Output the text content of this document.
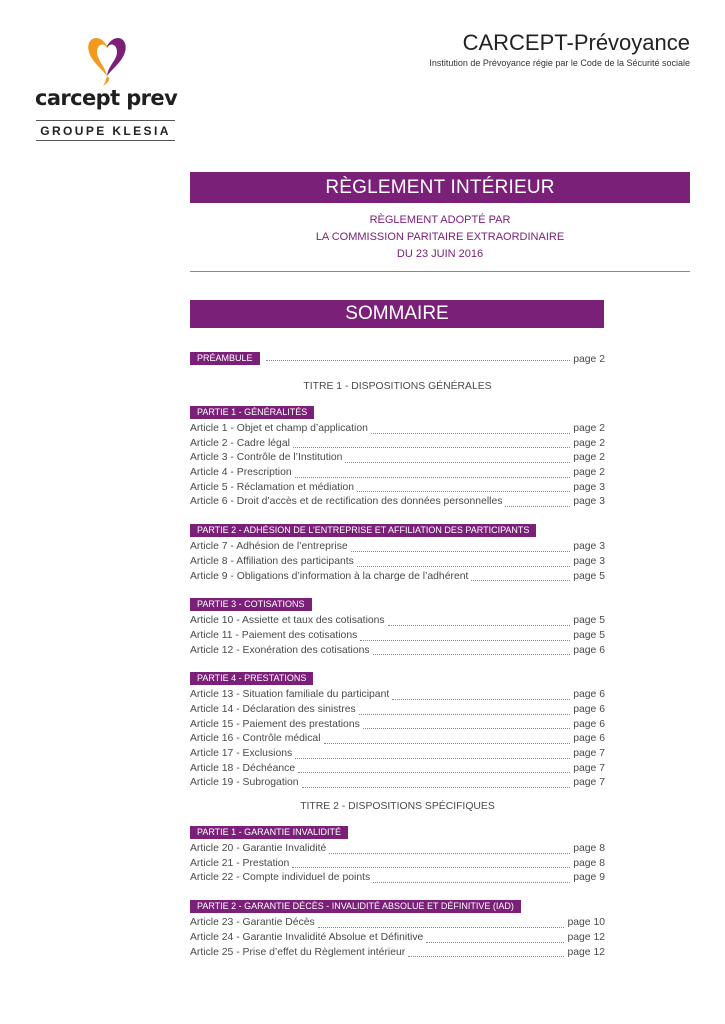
carcept prev
GROUPE KLESIA
CARCEPT-Prévoyance
Institution de Prévoyance régie par le Code de la Sécurité sociale
RÈGLEMENT INTÉRIEUR
RÈGLEMENT ADOPTÉ PAR
LA COMMISSION PARITAIRE EXTRAORDINAIRE
DU 23 JUIN 2016
SOMMAIRE
PRÉAMBULE	page 2
TITRE 1 - DISPOSITIONS GÉNÉRALES
PARTIE 1 - GÉNÉRALITÉS
Article 1 - Objet et champ d’application	page 2
Article 2 - Cadre légal	page 2
Article 3 - Contrôle de l’Institution	page 2
Article 4 - Prescription	page 2
Article 5 - Réclamation et médiation	page 3
Article 6 - Droit d’accès et de rectification des données personnelles	page 3
PARTIE 2 - ADHÉSION DE L’ENTREPRISE ET AFFILIATION DES PARTICIPANTS
Article 7 - Adhésion de l’entreprise	page 3
Article 8 - Affiliation des participants	page 3
Article 9 - Obligations d’information à la charge de l’adhérent	page 5
PARTIE 3 - COTISATIONS
Article 10 - Assiette et taux des cotisations	page 5
Article 11 - Paiement des cotisations	page 5
Article 12 - Exonération des cotisations	page 6
PARTIE 4 - PRESTATIONS
Article 13 - Situation familiale du participant	page 6
Article 14 - Déclaration des sinistres	page 6
Article 15 - Paiement des prestations	page 6
Article 16 - Contrôle médical	page 6
Article 17 - Exclusions	page 7
Article 18 - Déchéance	page 7
Article 19 - Subrogation	page 7
TITRE 2 - DISPOSITIONS SPÉCIFIQUES
PARTIE 1 - GARANTIE INVALIDITÉ
Article 20 - Garantie Invalidité	page 8
Article 21 - Prestation	page 8
Article 22 - Compte individuel de points	page 9
PARTIE 2 - GARANTIE DÉCÈS - INVALIDITÉ ABSOLUE ET DÉFINITIVE (IAD)
Article 23 - Garantie Décès	page 10
Article 24 - Garantie Invalidité Absolue et Définitive	page 12
Article 25 - Prise d’effet du Règlement intérieur	page 12
